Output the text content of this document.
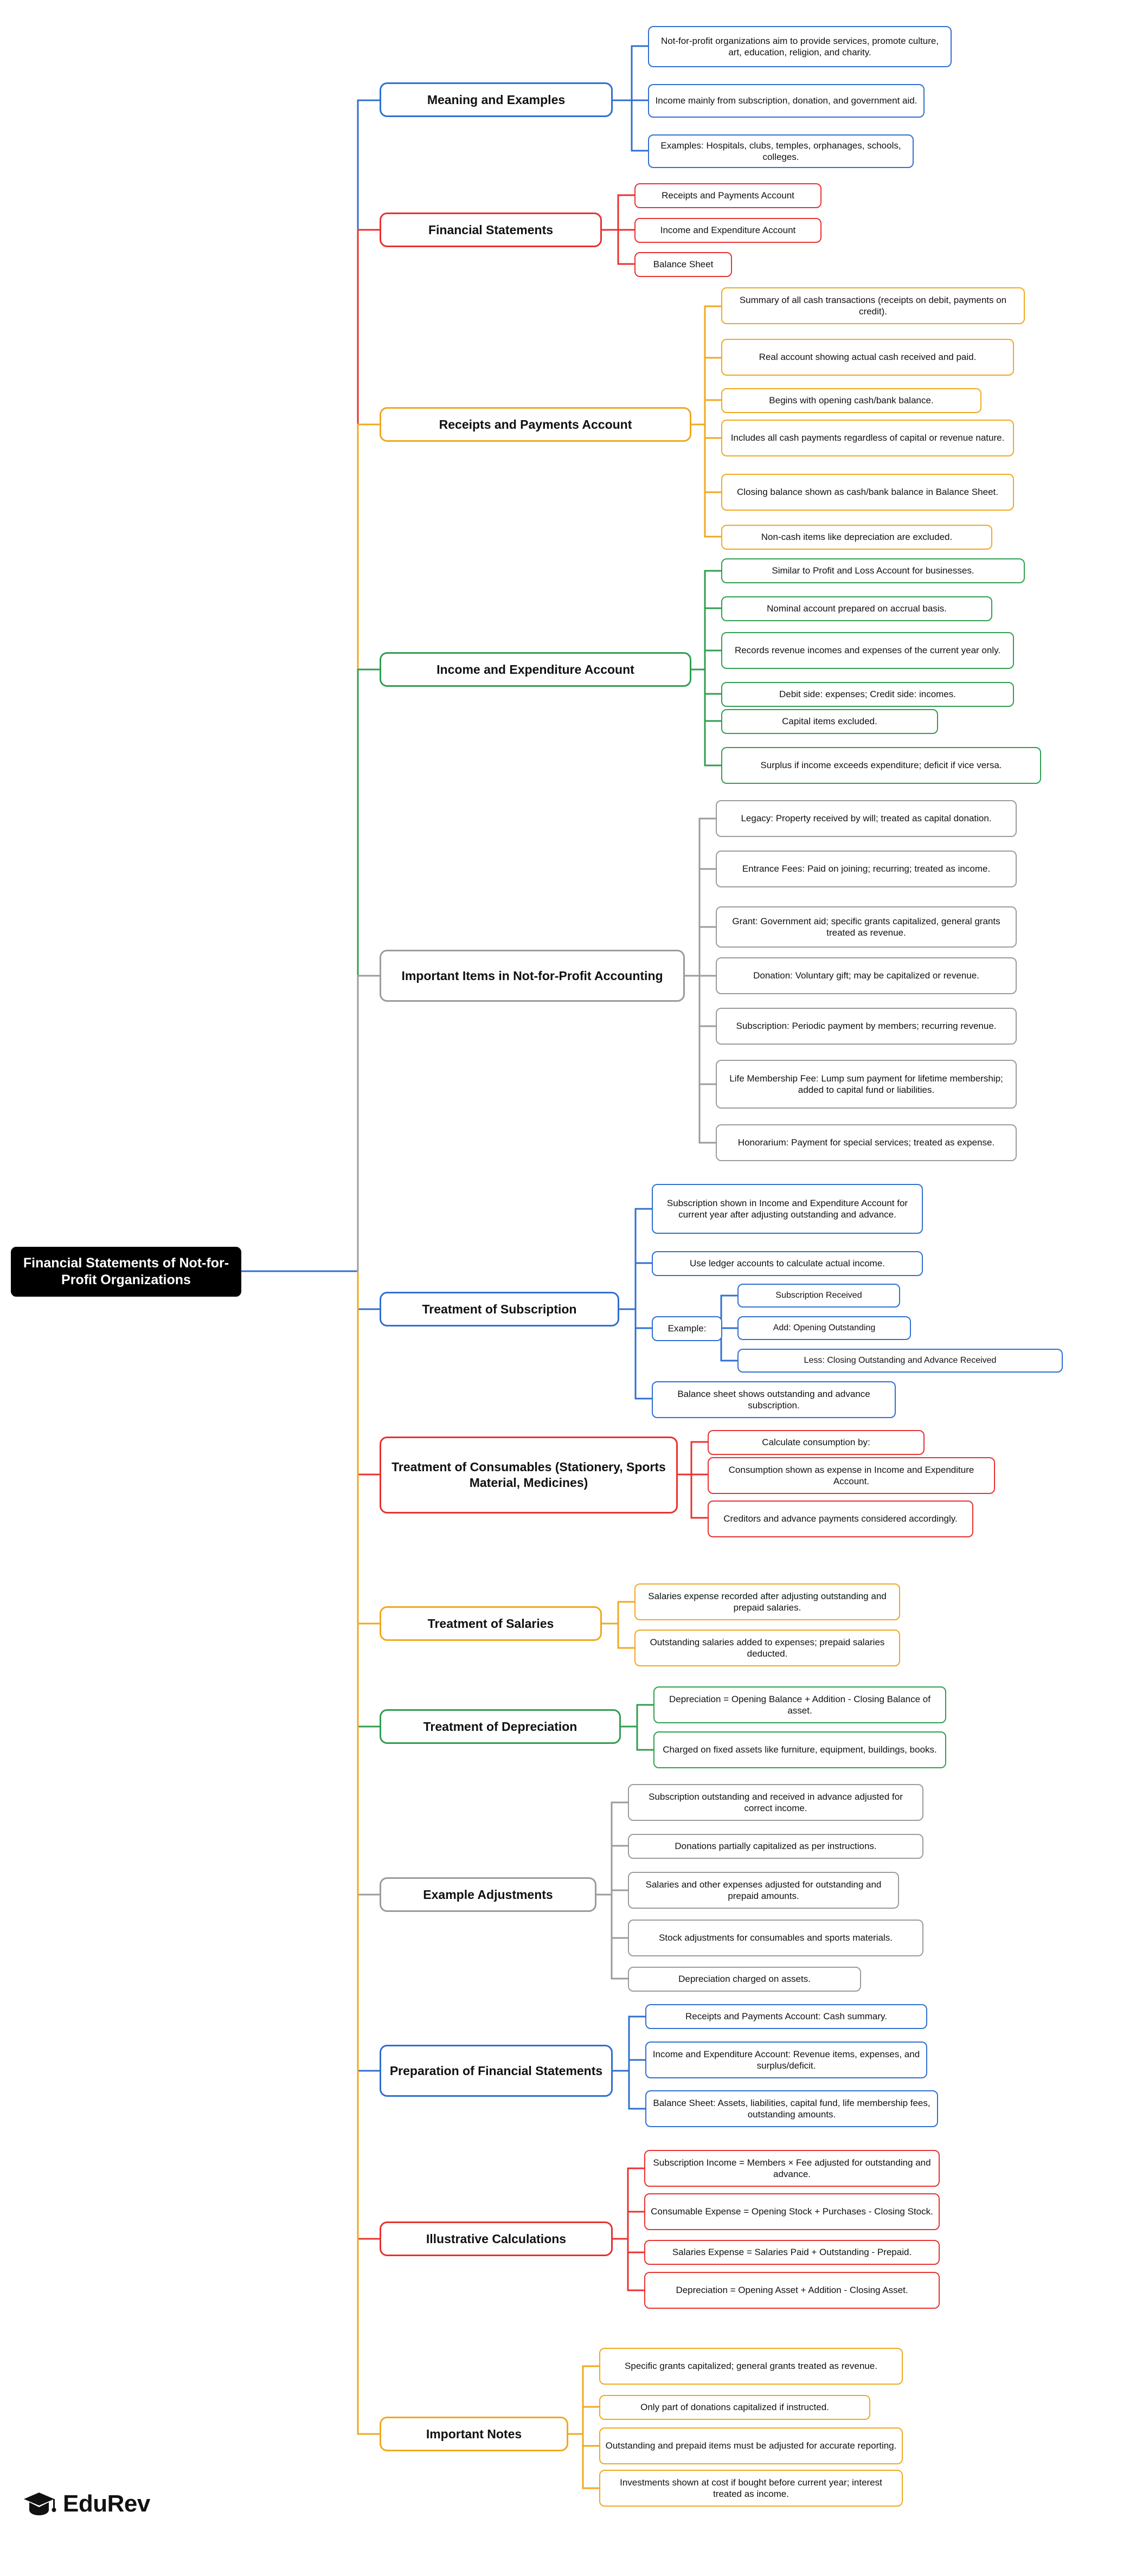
Financial Statements of Not-for-Profit Organizations
Meaning and Examples
Not-for-profit organizations aim to provide services, promote culture, art, education, religion, and charity.
Income mainly from subscription, donation, and government aid.
Examples: Hospitals, clubs, temples, orphanages, schools, colleges.
Financial Statements
Receipts and Payments Account
Income and Expenditure Account
Balance Sheet
Receipts and Payments Account
Summary of all cash transactions (receipts on debit, payments on credit).
Real account showing actual cash received and paid.
Begins with opening cash/bank balance.
Includes all cash payments regardless of capital or revenue nature.
Closing balance shown as cash/bank balance in Balance Sheet.
Non-cash items like depreciation are excluded.
Income and Expenditure Account
Similar to Profit and Loss Account for businesses.
Nominal account prepared on accrual basis.
Records revenue incomes and expenses of the current year only.
Debit side: expenses; Credit side: incomes.
Capital items excluded.
Surplus if income exceeds expenditure; deficit if vice versa.
Important Items in Not-for-Profit Accounting
Legacy: Property received by will; treated as capital donation.
Entrance Fees: Paid on joining; recurring; treated as income.
Grant: Government aid; specific grants capitalized, general grants treated as revenue.
Donation: Voluntary gift; may be capitalized or revenue.
Subscription: Periodic payment by members; recurring revenue.
Life Membership Fee: Lump sum payment for lifetime membership; added to capital fund or liabilities.
Honorarium: Payment for special services; treated as expense.
Treatment of Subscription
Subscription shown in Income and Expenditure Account for current year after adjusting outstanding and advance.
Use ledger accounts to calculate actual income.
Example:
Balance sheet shows outstanding and advance subscription.
Subscription Received
Add: Opening Outstanding
Less: Closing Outstanding and Advance Received
Treatment of Consumables (Stationery, Sports Material, Medicines)
Calculate consumption by:
Consumption shown as expense in Income and Expenditure Account.
Creditors and advance payments considered accordingly.
Treatment of Salaries
Salaries expense recorded after adjusting outstanding and prepaid salaries.
Outstanding salaries added to expenses; prepaid salaries deducted.
Treatment of Depreciation
Depreciation = Opening Balance + Addition - Closing Balance of asset.
Charged on fixed assets like furniture, equipment, buildings, books.
Example Adjustments
Subscription outstanding and received in advance adjusted for correct income.
Donations partially capitalized as per instructions.
Salaries and other expenses adjusted for outstanding and prepaid amounts.
Stock adjustments for consumables and sports materials.
Depreciation charged on assets.
Preparation of Financial Statements
Receipts and Payments Account: Cash summary.
Income and Expenditure Account: Revenue items, expenses, and surplus/deficit.
Balance Sheet: Assets, liabilities, capital fund, life membership fees, outstanding amounts.
Illustrative Calculations
Subscription Income = Members × Fee adjusted for outstanding and advance.
Consumable Expense = Opening Stock + Purchases - Closing Stock.
Salaries Expense = Salaries Paid + Outstanding - Prepaid.
Depreciation = Opening Asset + Addition - Closing Asset.
Important Notes
Specific grants capitalized; general grants treated as revenue.
Only part of donations capitalized if instructed.
Outstanding and prepaid items must be adjusted for accurate reporting.
Investments shown at cost if bought before current year; interest treated as income.
EduRev
